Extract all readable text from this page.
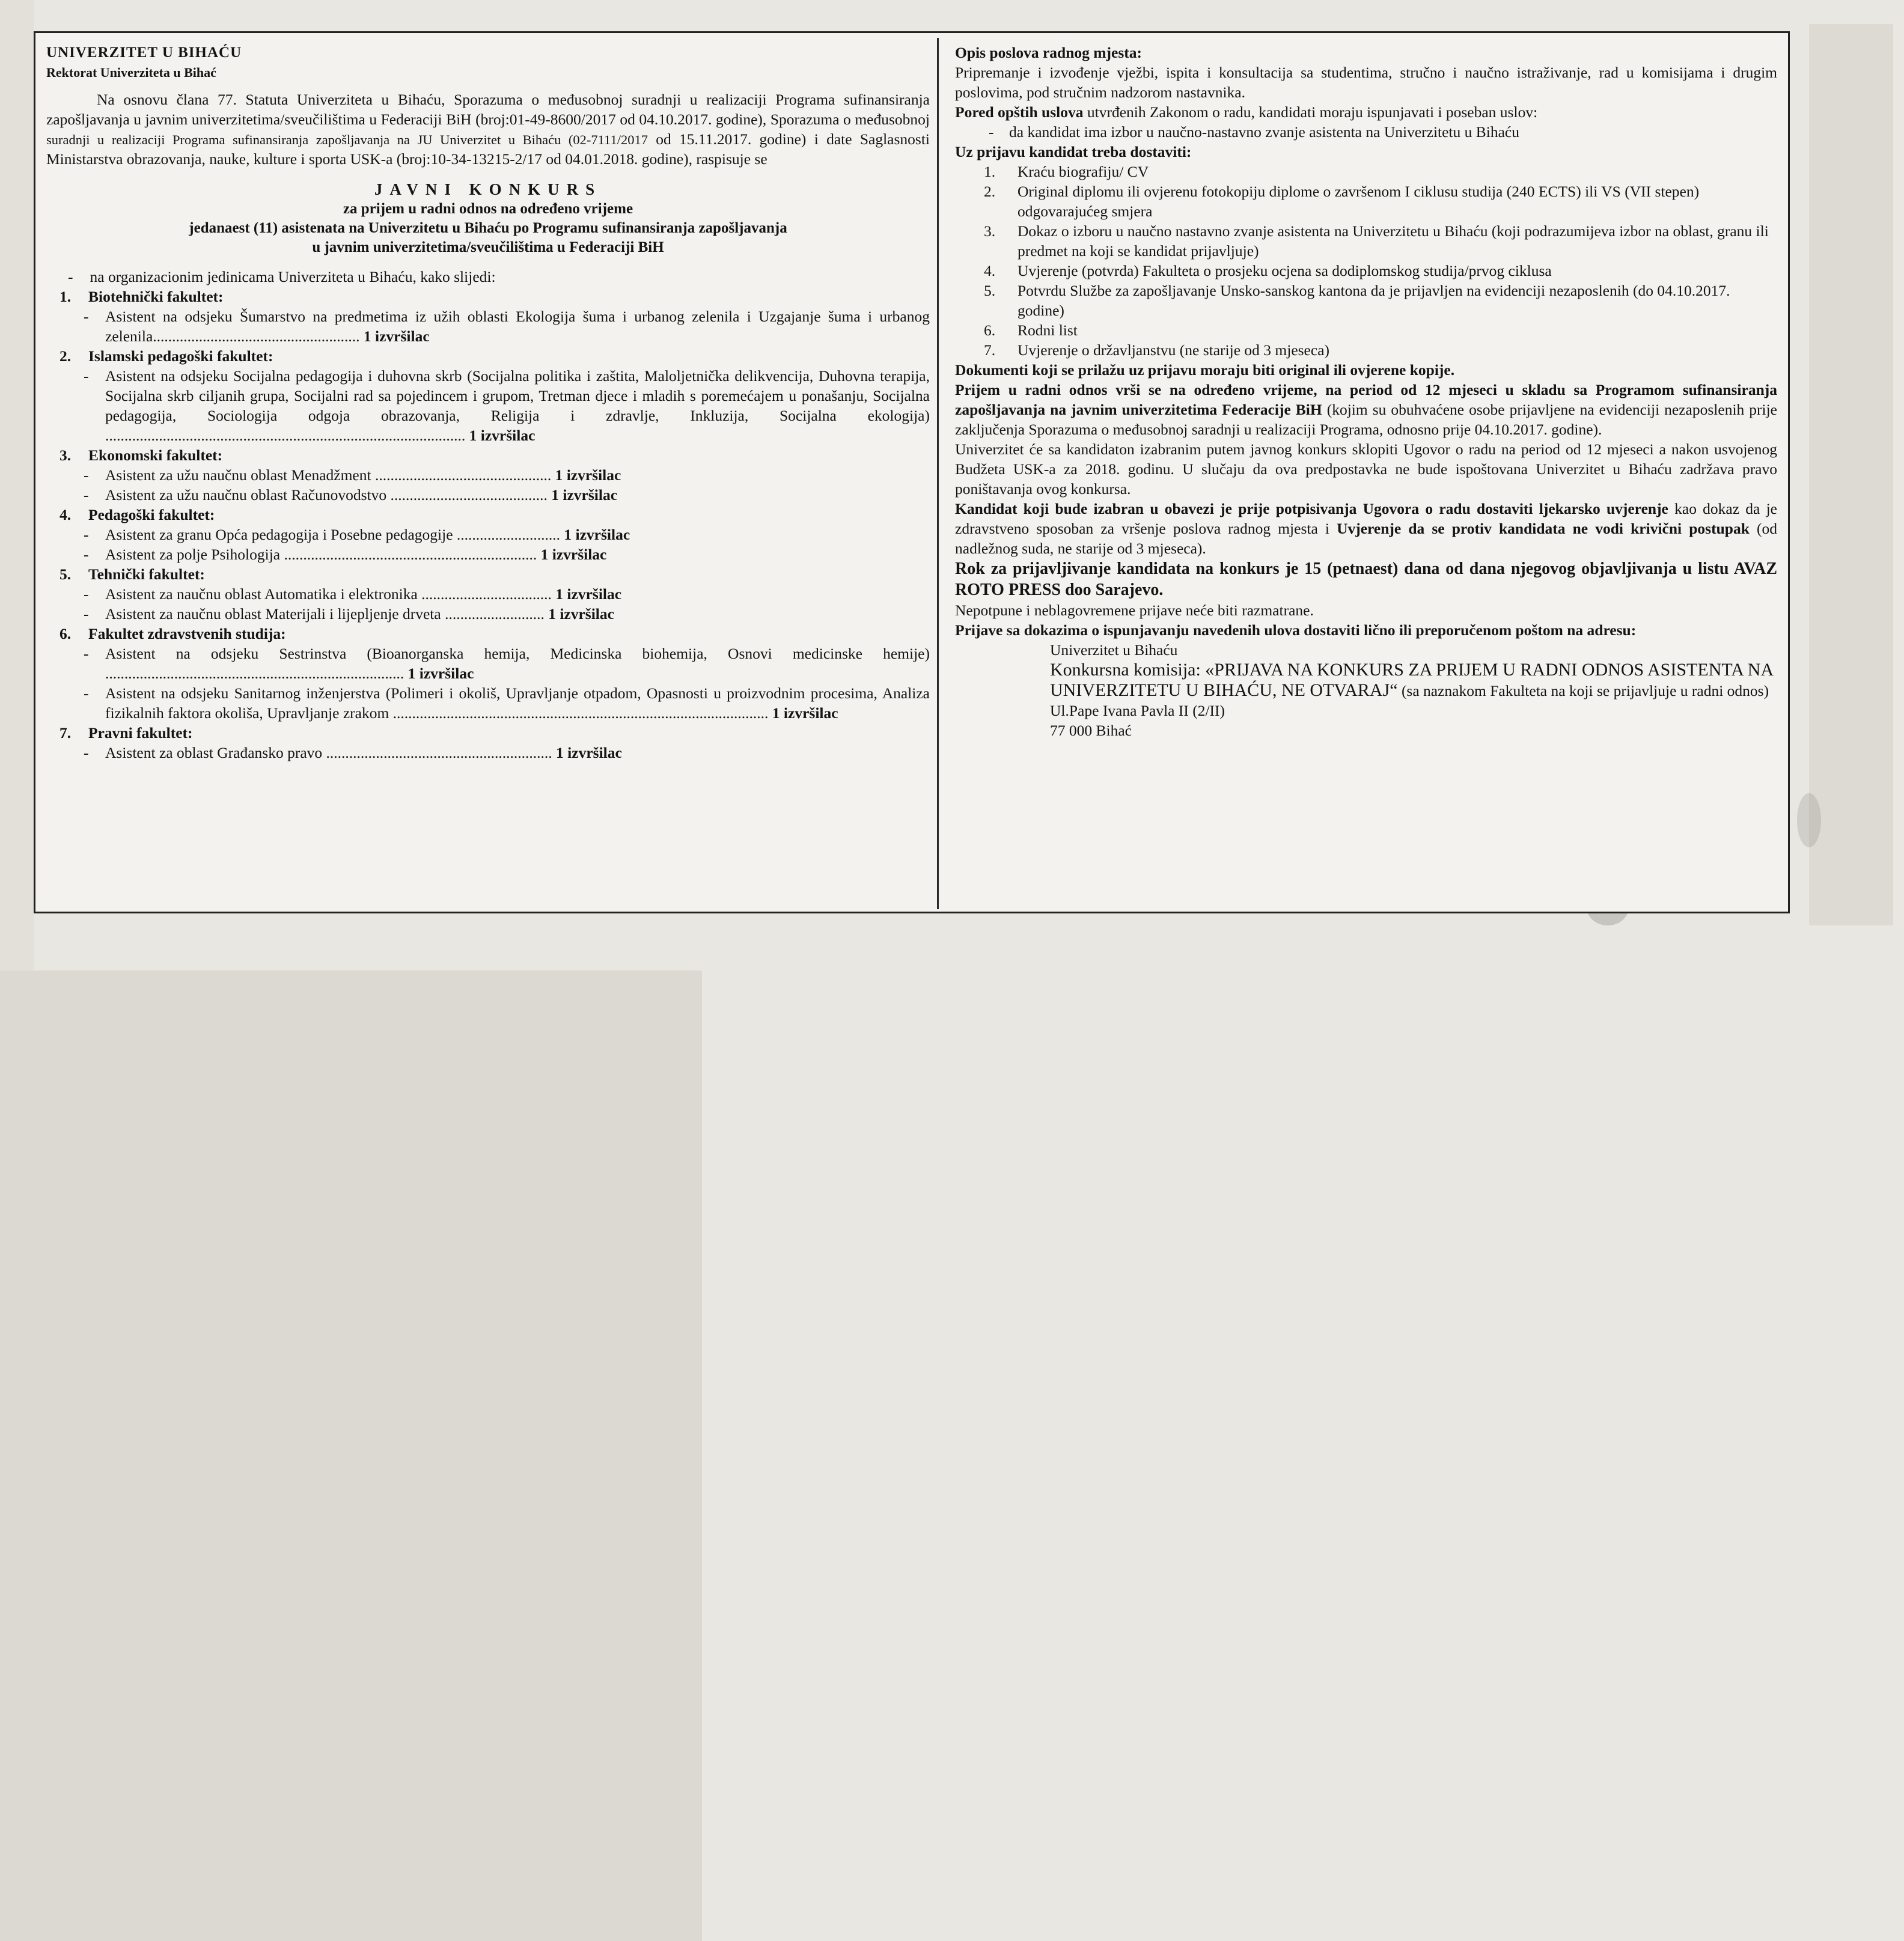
UNIVERZITET U BIHAĆU
Rektorat Univerziteta u Bihać

Na osnovu člana 77. Statuta Univerziteta u Bihaću, Sporazuma o međusobnoj suradnji u realizaciji Programa sufinansiranja zapošljavanja u javnim univerzitetima/sveučilištima u Federaciji BiH (broj:01-49-8600/2017 od 04.10.2017. godine), Sporazuma o međusobnoj suradnji u realizaciji Programa sufinansiranja zapošljavanja na JU Univerzitet u Bihaću (02-7111/2017 od 15.11.2017. godine) i date Saglasnosti Ministarstva obrazovanja, nauke, kulture i sporta USK-a (broj:10-34-13215-2/17 od 04.01.2018. godine), raspisuje se

JAVNI KONKURS
za prijem u radni odnos na određeno vrijeme
jedanaest (11) asistenata na Univerzitetu u Bihaću po Programu sufinansiranja zapošljavanja
u javnim univerzitetima/sveučilištima u Federaciji BiH
- na organizacionim jedinicama Univerziteta u Bihaću, kako slijedi:
1. Biotehnički fakultet:
- Asistent na odsjeku Šumarstvo na predmetima iz užih oblasti Ekologija šuma i urbanog zelenila i Uzgajanje šuma i urbanog zelenila...................................................... 1 izvršilac
2. Islamski pedagoški fakultet:
- Asistent na odsjeku Socijalna pedagogija i duhovna skrb (Socijalna politika i zaštita, Maloljetnička delikvencija, Duhovna terapija, Socijalna skrb ciljanih grupa, Socijalni rad sa pojedincem i grupom, Tretman djece i mladih s poremećajem u ponašanju, Socijalna pedagogija, Sociologija odgoja obrazovanja, Religija i zdravlje, Inkluzija, Socijalna ekologija) .............................................................................................. 1 izvršilac
3. Ekonomski fakultet:
- Asistent za užu naučnu oblast Menadžment .............................................. 1 izvršilac
- Asistent za užu naučnu oblast Računovodstvo ......................................... 1 izvršilac
4. Pedagoški fakultet:
- Asistent za granu Opća pedagogija i Posebne pedagogije ........................... 1 izvršilac
- Asistent za polje Psihologija .................................................................. 1 izvršilac
5. Tehnički fakultet:
- Asistent za naučnu oblast Automatika i elektronika .................................. 1 izvršilac
- Asistent za naučnu oblast Materijali i lijepljenje drveta .......................... 1 izvršilac
6. Fakultet zdravstvenih studija:
- Asistent na odsjeku Sestrinstva (Bioanorganska hemija, Medicinska biohemija, Osnovi medicinske hemije) .............................................................................. 1 izvršilac
- Asistent na odsjeku Sanitarnog inženjerstva (Polimeri i okoliš, Upravljanje otpadom, Opasnosti u proizvodnim procesima, Analiza fizikalnih faktora okoliša, Upravljanje zrakom .................................................................................................. 1 izvršilac
7. Pravni fakultet:
- Asistent za oblast Građansko pravo ........................................................... 1 izvršilac
Opis poslova radnog mjesta:

Pripremanje i izvođenje vježbi, ispita i konsultacija sa studentima, stručno i naučno istraživanje, rad u komisijama i drugim poslovima, pod stručnim nadzorom nastavnika.

Pored opštih uslova utvrđenih Zakonom o radu, kandidati moraju ispunjavati i poseban uslov:

- da kandidat ima izbor u naučno-nastavno zvanje asistenta na Univerzitetu u Bihaću
Uz prijavu kandidat treba dostaviti:
1. Kraću biografiju/ CV
2. Original diplomu ili ovjerenu fotokopiju diplome o završenom I ciklusu studija (240 ECTS) ili VS (VII stepen) odgovarajućeg smjera
3. Dokaz o izboru u naučno nastavno zvanje asistenta na Univerzitetu u Bihaću (koji podrazumijeva izbor na oblast, granu ili predmet na koji se kandidat prijavljuje)
4. Uvjerenje (potvrda) Fakulteta o prosjeku ocjena sa dodiplomskog studija/prvog ciklusa
5. Potvrdu Službe za zapošljavanje Unsko-sanskog kantona da je prijavljen na evidenciji nezaposlenih (do 04.10.2017. godine)
6. Rodni list
7. Uvjerenje o državljanstvu (ne starije od 3 mjeseca)
Dokumenti koji se prilažu uz prijavu moraju biti original ili ovjerene kopije.

Prijem u radni odnos vrši se na određeno vrijeme, na period od 12 mjeseci u skladu sa Programom sufinansiranja zapošljavanja na javnim univerzitetima Federacije BiH (kojim su obuhvaćene osobe prijavljene na evidenciji nezaposlenih prije zaključenja Sporazuma o međusobnoj saradnji u realizaciji Programa, odnosno prije 04.10.2017. godine).

Univerzitet će sa kandidaton izabranim putem javnog konkurs sklopiti Ugovor o radu na period od 12 mjeseci a nakon usvojenog Budžeta USK-a za 2018. godinu. U slučaju da ova predpostavka ne bude ispoštovana Univerzitet u Bihaću zadržava pravo poništavanja ovog konkursa.

Kandidat koji bude izabran u obavezi je prije potpisivanja Ugovora o radu dostaviti ljekarsko uvjerenje kao dokaz da je zdravstveno sposoban za vršenje poslova radnog mjesta i Uvjerenje da se protiv kandidata ne vodi krivični postupak (od nadležnog suda, ne starije od 3 mjeseca).

Rok za prijavljivanje kandidata na konkurs je 15 (petnaest) dana od dana njegovog objavljivanja u listu AVAZ ROTO PRESS doo Sarajevo.

Nepotpune i neblagovremene prijave neće biti razmatrane.

Prijave sa dokazima o ispunjavanju navedenih ulova dostaviti lično ili preporučenom poštom na adresu:

Univerzitet u Bihaću
Konkursna komisija: «PRIJAVA NA KONKURS ZA PRIJEM U RADNI ODNOS ASISTENTA NA UNIVERZITETU U BIHAĆU, NE OTVARAJ“ (sa naznakom Fakulteta na koji se prijavljuje u radni odnos)
Ul.Pape Ivana Pavla II (2/II)
77 000 Bihać
